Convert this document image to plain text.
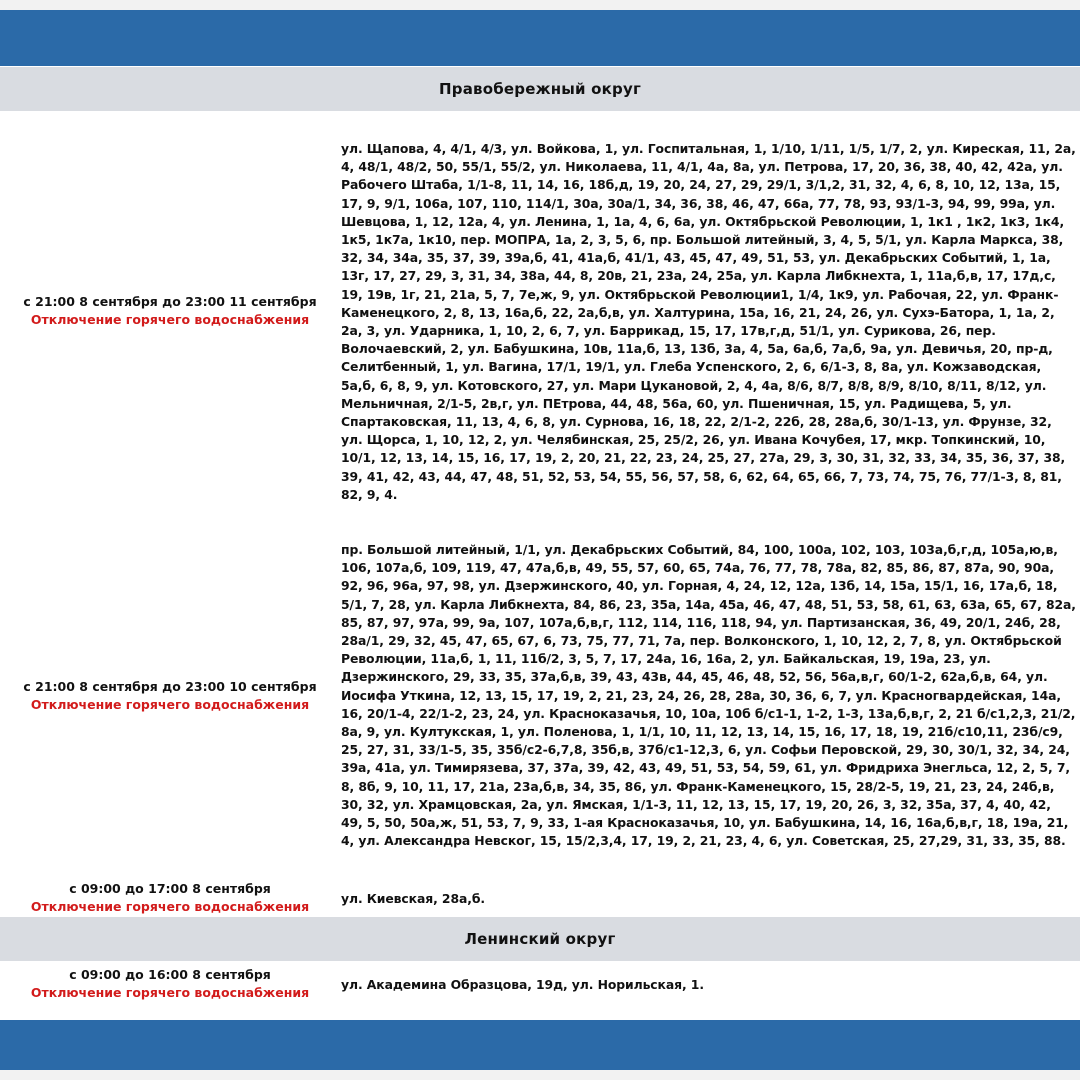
Правобережный округ
с 21:00 8 сентября до 23:00 11 сентября
Отключение горячего водоснабжения

ул. Щапова, 4, 4/1, 4/3, ул. Войкова, 1, ул. Госпитальная, 1, 1/10, 1/11, 1/5, 1/7, 2, ул. Киреская, 11, 2а, 4, 48/1, 48/2, 50, 55/1, 55/2, ул. Николаева, 11, 4/1, 4а, 8а, ул. Петрова, 17, 20, 36, 38, 40, 42, 42а, ул. Рабочего Штаба, 1/1-8, 11, 14, 16, 18б,д, 19, 20, 24, 27, 29, 29/1, 3/1,2, 31, 32, 4, 6, 8, 10, 12, 13а, 15, 17, 9, 9/1, 106а, 107, 110, 114/1, 30а, 30а/1, 34, 36, 38, 46, 47, 66а, 77, 78, 93, 93/1-3, 94, 99, 99а, ул. Шевцова, 1, 12, 12а, 4, ул. Ленина, 1, 1а, 4, 6, 6а, ул. Октябрьской Революции, 1, 1к1 , 1к2, 1к3, 1к4, 1к5, 1к7а, 1к10, пер. МОПРА, 1а, 2, 3, 5, 6, пр. Большой литейный, 3, 4, 5, 5/1, ул. Карла Маркса, 38, 32, 34, 34а, 35, 37, 39, 39а,б, 41, 41а,б, 41/1, 43, 45, 47, 49, 51, 53, ул. Декабрьских Событий, 1, 1а, 13г, 17, 27, 29, 3, 31, 34, 38а, 44, 8, 20в, 21, 23а, 24, 25а, ул. Карла Либкнехта, 1, 11а,б,в, 17, 17д,с, 19, 19в, 1г, 21, 21а, 5, 7, 7е,ж, 9, ул. Октябрьской Революции1, 1/4, 1к9, ул. Рабочая, 22, ул. Франк-Каменецкого, 2, 8, 13, 16а,б, 22, 2а,б,в, ул. Халтурина, 15а, 16, 21, 24, 26, ул. Сухэ-Батора, 1, 1а, 2, 2а, 3, ул. Ударника, 1, 10, 2, 6, 7, ул. Баррикад, 15, 17, 17в,г,д, 51/1, ул. Сурикова, 26, пер. Волочаевский, 2, ул. Бабушкина, 10в, 11а,б, 13, 13б, 3а, 4, 5а, 6а,б, 7а,б, 9а, ул. Девичья, 20, пр-д, Селитбенный, 1, ул. Вагина, 17/1, 19/1, ул. Глеба Успенского, 2, 6, 6/1-3, 8, 8а, ул. Кожзаводская, 5а,б, 6, 8, 9, ул. Котовского, 27, ул. Мари Цукановой, 2, 4, 4а, 8/6, 8/7, 8/8, 8/9, 8/10, 8/11, 8/12, ул. Мельничная, 2/1-5, 2в,г, ул. ПЕтрова, 44, 48, 56а, 60, ул. Пшеничная, 15, ул. Радищева, 5, ул. Спартаковская, 11, 13, 4, 6, 8, ул. Сурнова, 16, 18, 22, 2/1-2, 22б, 28, 28а,б, 30/1-13, ул. Фрунзе, 32, ул. Щорса, 1, 10, 12, 2, ул. Челябинская, 25, 25/2, 26, ул. Ивана Кочубея, 17, мкр. Топкинский, 10, 10/1, 12, 13, 14, 15, 16, 17, 19, 2, 20, 21, 22, 23, 24, 25, 27, 27а, 29, 3, 30, 31, 32, 33, 34, 35, 36, 37, 38, 39, 41, 42, 43, 44, 47, 48, 51, 52, 53, 54, 55, 56, 57, 58, 6, 62, 64, 65, 66, 7, 73, 74, 75, 76, 77/1-3, 8, 81, 82, 9, 4.

с 21:00 8 сентября до 23:00 10 сентября
Отключение горячего водоснабжения

пр. Большой литейный, 1/1, ул. Декабрьских Событий, 84, 100, 100а, 102, 103, 103а,б,г,д, 105а,ю,в, 106, 107а,б, 109, 119, 47, 47а,б,в, 49, 55, 57, 60, 65, 74а, 76, 77, 78, 78а, 82, 85, 86, 87, 87а, 90, 90а, 92, 96, 96а, 97, 98, ул. Дзержинского, 40, ул. Горная, 4, 24, 12, 12а, 13б, 14, 15а, 15/1, 16, 17а,б, 18, 5/1, 7, 28, ул. Карла Либкнехта, 84, 86, 23, 35а, 14а, 45а, 46, 47, 48, 51, 53, 58, 61, 63, 63а, 65, 67, 82а, 85, 87, 97, 97а, 99, 9а, 107, 107а,б,в,г, 112, 114, 116, 118, 94, ул. Партизанская, 36, 49, 20/1, 24б, 28, 28а/1, 29, 32, 45, 47, 65, 67, 6, 73, 75, 77, 71, 7а, пер. Волконского, 1, 10, 12, 2, 7, 8, ул. Октябрьской Революции, 11а,б, 1, 11, 11б/2, 3, 5, 7, 17, 24а, 16, 16а, 2, ул. Байкальская, 19, 19а, 23, ул. Дзержинского, 29, 33, 35, 37а,б,в, 39, 43, 43в, 44, 45, 46, 48, 52, 56, 56а,в,г, 60/1-2, 62а,б,в, 64, ул. Иосифа Уткина, 12, 13, 15, 17, 19, 2, 21, 23, 24, 26, 28, 28а, 30, 36, 6, 7, ул. Красногвардейская, 14а, 16, 20/1-4, 22/1-2, 23, 24, ул. Красноказачья, 10, 10а, 10б б/с1-1, 1-2, 1-3, 13а,б,в,г, 2, 21 б/с1,2,3, 21/2, 8а, 9, ул. Култукская, 1, ул. Поленова, 1, 1/1, 10, 11, 12, 13, 14, 15, 16, 17, 18, 19, 21б/с10,11, 23б/с9, 25, 27, 31, 33/1-5, 35, 35б/с2-6,7,8, 35б,в, 37б/с1-12,3, 6, ул. Софьи Перовской, 29, 30, 30/1, 32, 34, 24, 39а, 41а, ул. Тимирязева, 37, 37а, 39, 42, 43, 49, 51, 53, 54, 59, 61, ул. Фридриха Энегльса, 12, 2, 5, 7, 8, 8б, 9, 10, 11, 17, 21а, 23а,б,в, 34, 35, 86, ул. Франк-Каменецкого, 15, 28/2-5, 19, 21, 23, 24, 24б,в, 30, 32, ул. Храмцовская, 2а, ул. Ямская, 1/1-3, 11, 12, 13, 15, 17, 19, 20, 26, 3, 32, 35а, 37, 4, 40, 42, 49, 5, 50, 50а,ж, 51, 53, 7, 9, 33, 1-ая Красноказачья, 10, ул. Бабушкина, 14, 16, 16а,б,в,г, 18, 19а, 21, 4, ул. Александра Невског, 15, 15/2,3,4, 17, 19, 2, 21, 23, 4, 6, ул. Советская, 25, 27,29, 31, 33, 35, 88.

с 09:00 до 17:00 8 сентября
Отключение горячего водоснабжения

ул. Киевская, 28а,б.

Ленинский округ
с 09:00 до 16:00 8 сентября
Отключение горячего водоснабжения

ул. Академина Образцова, 19д, ул. Норильская, 1.
